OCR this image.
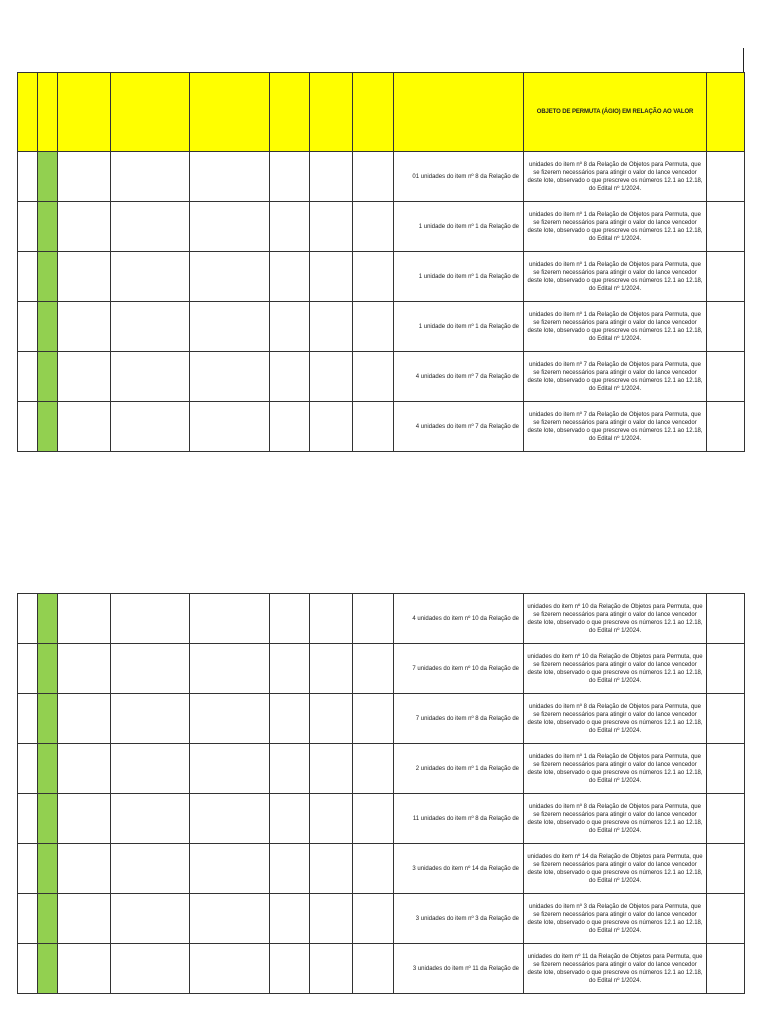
									OBJETO DE PERMUTA (ÁGIO) EM RELAÇÃO AO VALOR	
								01 unidades do item nº 8 da Relação de	unidades do item nº 8 da Relação de Objetos para Permuta, que se fizerem necessários para atingir o valor do lance vencedor deste lote, observado o que prescreve os números 12.1 ao 12.18, do Edital nº 1/2024.	
								1 unidade do item nº 1 da Relação de	unidades do item nº 1 da Relação de Objetos para Permuta, que se fizerem necessários para atingir o valor do lance vencedor deste lote, observado o que prescreve os números 12.1 ao 12.18, do Edital nº 1/2024.	
								1 unidade do item nº 1 da Relação de	unidades do item nº 1 da Relação de Objetos para Permuta, que se fizerem necessários para atingir o valor do lance vencedor deste lote, observado o que prescreve os números 12.1 ao 12.18, do Edital nº 1/2024.	
								1 unidade do item nº 1 da Relação de	unidades do item nº 1 da Relação de Objetos para Permuta, que se fizerem necessários para atingir o valor do lance vencedor deste lote, observado o que prescreve os números 12.1 ao 12.18, do Edital nº 1/2024.	
								4 unidades do item nº 7 da Relação de	unidades do item nº 7 da Relação de Objetos para Permuta, que se fizerem necessários para atingir o valor do lance vencedor deste lote, observado o que prescreve os números 12.1 ao 12.18, do Edital nº 1/2024.	
								4 unidades do item nº 7 da Relação de	unidades do item nº 7 da Relação de Objetos para Permuta, que se fizerem necessários para atingir o valor do lance vencedor deste lote, observado o que prescreve os números 12.1 ao 12.18, do Edital nº 1/2024.	
								4 unidades do item nº 10 da Relação de	unidades do item nº 10 da Relação de Objetos para Permuta, que se fizerem necessários para atingir o valor do lance vencedor deste lote, observado o que prescreve os números 12.1 ao 12.18, do Edital nº 1/2024.	
								7 unidades do item nº 10 da Relação de	unidades do item nº 10 da Relação de Objetos para Permuta, que se fizerem necessários para atingir o valor do lance vencedor deste lote, observado o que prescreve os números 12.1 ao 12.18, do Edital nº 1/2024.	
								7 unidades do item nº 8 da Relação de	unidades do item nº 8 da Relação de Objetos para Permuta, que se fizerem necessários para atingir o valor do lance vencedor deste lote, observado o que prescreve os números 12.1 ao 12.18, do Edital nº 1/2024.	
								2 unidades do item nº 1 da Relação de	unidades do item nº 1 da Relação de Objetos para Permuta, que se fizerem necessários para atingir o valor do lance vencedor deste lote, observado o que prescreve os números 12.1 ao 12.18, do Edital nº 1/2024.	
								11 unidades do item nº 8 da Relação de	unidades do item nº 8 da Relação de Objetos para Permuta, que se fizerem necessários para atingir o valor do lance vencedor deste lote, observado o que prescreve os números 12.1 ao 12.18, do Edital nº 1/2024.	
								3 unidades do item nº 14 da Relação de	unidades do item nº 14 da Relação de Objetos para Permuta, que se fizerem necessários para atingir o valor do lance vencedor deste lote, observado o que prescreve os números 12.1 ao 12.18, do Edital nº 1/2024.	
								3 unidades do item nº 3 da Relação de	unidades do item nº 3 da Relação de Objetos para Permuta, que se fizerem necessários para atingir o valor do lance vencedor deste lote, observado o que prescreve os números 12.1 ao 12.18, do Edital nº 1/2024.	
								3 unidades do item nº 11 da Relação de	unidades do item nº 11 da Relação de Objetos para Permuta, que se fizerem necessários para atingir o valor do lance vencedor deste lote, observado o que prescreve os números 12.1 ao 12.18, do Edital nº 1/2024.	
